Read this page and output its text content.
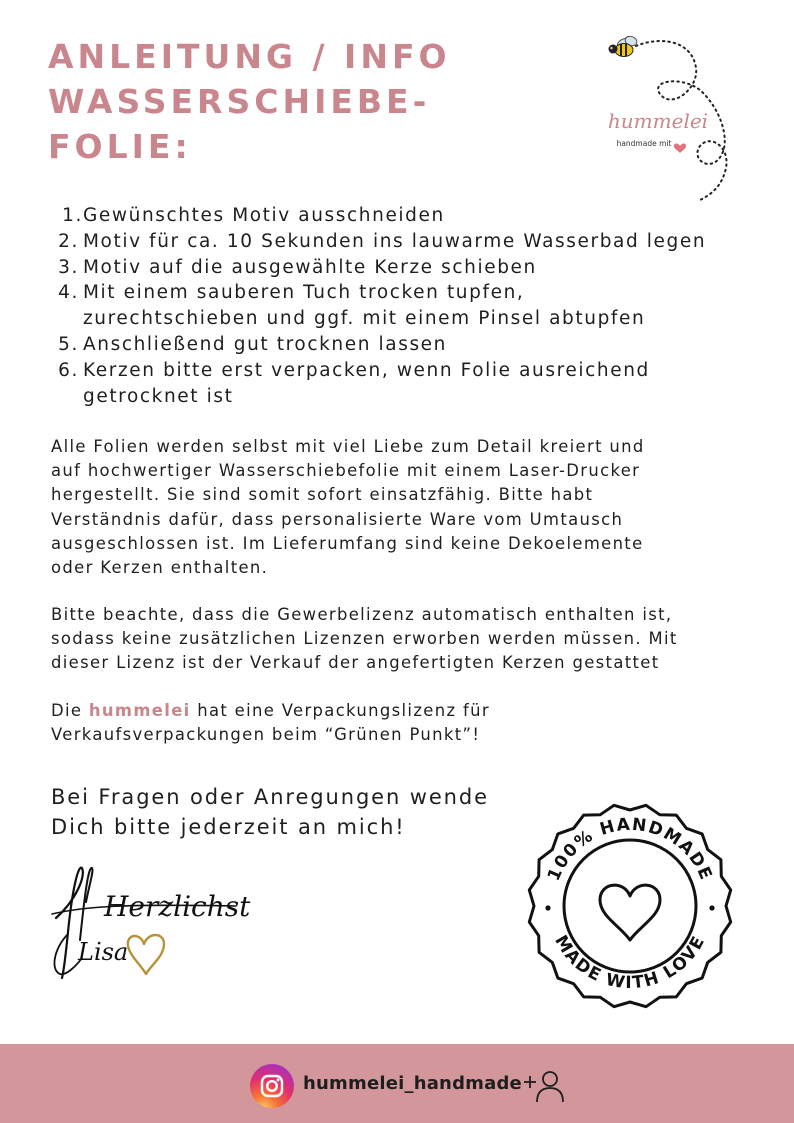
ANLEITUNG / INFO
WASSERSCHIEBE-
FOLIE:
hummelei
handmade mit
1. Gewünschtes Motiv ausschneiden
2. Motiv für ca. 10 Sekunden ins lauwarme Wasserbad legen
3. Motiv auf die ausgewählte Kerze schieben
4. Mit einem sauberen Tuch trocken tupfen,
zurechtschieben und ggf. mit einem Pinsel abtupfen
5. Anschließend gut trocknen lassen
6. Kerzen bitte erst verpacken, wenn Folie ausreichend
getrocknet ist

Alle Folien werden selbst mit viel Liebe zum Detail kreiert und
auf hochwertiger Wasserschiebefolie mit einem Laser-Drucker
hergestellt. Sie sind somit sofort einsatzfähig. Bitte habt
Verständnis dafür, dass personalisierte Ware vom Umtausch
ausgeschlossen ist. Im Lieferumfang sind keine Dekoelemente
oder Kerzen enthalten.

Bitte beachte, dass die Gewerbelizenz automatisch enthalten ist,
sodass keine zusätzlichen Lizenzen erworben werden müssen. Mit
dieser Lizenz ist der Verkauf der angefertigten Kerzen gestattet

Die hummelei hat eine Verpackungslizenz für
Verkaufsverpackungen beim “Grünen Punkt”!

Bei Fragen oder Anregungen wende
Dich bitte jederzeit an mich!

Herzlichst
Lisa
100% HANDMADE
MADE WITH LOVE

hummelei_handmade
